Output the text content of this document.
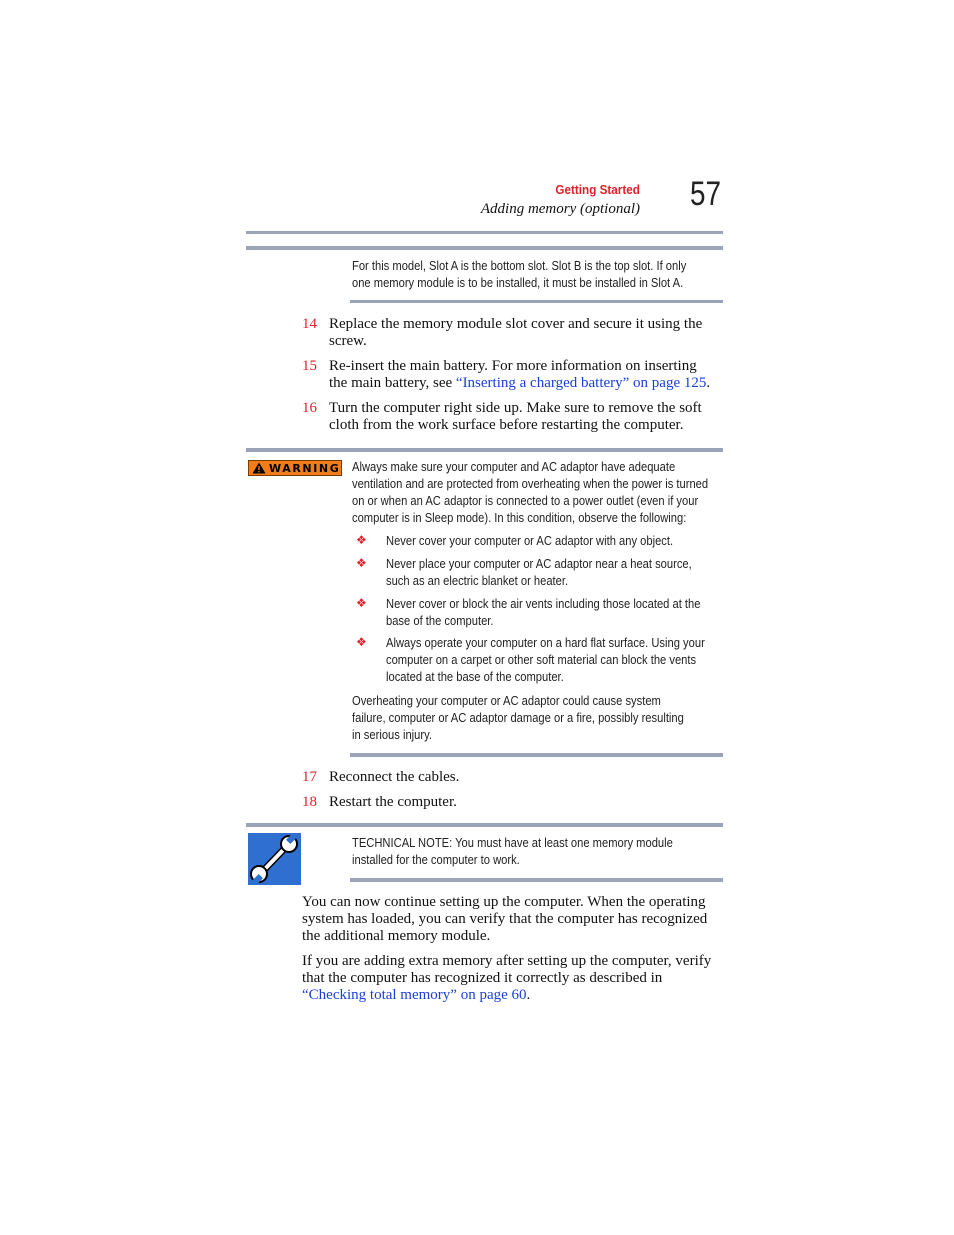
Getting Started
Adding memory (optional) 57
For this model, Slot A is the bottom slot. Slot B is the top slot. If only
one memory module is to be installed, it must be installed in Slot A.
14 Replace the memory module slot cover and secure it using the
screw.
15 Re-insert the main battery. For more information on inserting
the main battery, see “Inserting a charged battery” on page 125.
16 Turn the computer right side up. Make sure to remove the soft
cloth from the work surface before restarting the computer.
WARNING Always make sure your computer and AC adaptor have adequate
ventilation and are protected from overheating when the power is turned
on or when an AC adaptor is connected to a power outlet (even if your
computer is in Sleep mode). In this condition, observe the following:
❖ Never cover your computer or AC adaptor with any object.
❖ Never place your computer or AC adaptor near a heat source,
such as an electric blanket or heater.
❖ Never cover or block the air vents including those located at the
base of the computer.
❖ Always operate your computer on a hard flat surface. Using your
computer on a carpet or other soft material can block the vents
located at the base of the computer.
Overheating your computer or AC adaptor could cause system
failure, computer or AC adaptor damage or a fire, possibly resulting
in serious injury.
17 Reconnect the cables.
18 Restart the computer.
TECHNICAL NOTE: You must have at least one memory module
installed for the computer to work.
You can now continue setting up the computer. When the operating
system has loaded, you can verify that the computer has recognized
the additional memory module.
If you are adding extra memory after setting up the computer, verify
that the computer has recognized it correctly as described in
“Checking total memory” on page 60.
